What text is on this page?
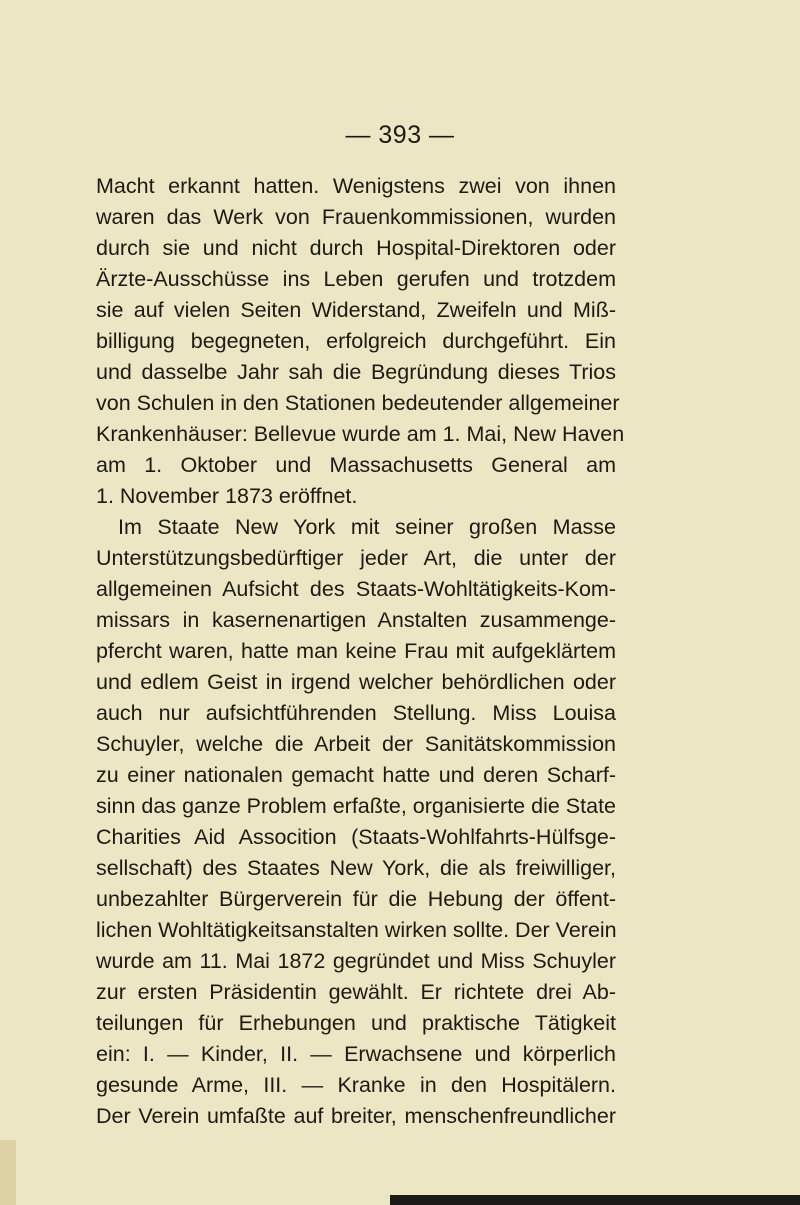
— 393 —
Macht erkannt hatten. Wenigstens zwei von ihnen
waren das Werk von Frauenkommissionen, wurden
durch sie und nicht durch Hospital-Direktoren oder
Ärzte-Ausschüsse ins Leben gerufen und trotzdem
sie auf vielen Seiten Widerstand, Zweifeln und Miß-
billigung begegneten, erfolgreich durchgeführt. Ein
und dasselbe Jahr sah die Begründung dieses Trios
von Schulen in den Stationen bedeutender allgemeiner
Krankenhäuser: Bellevue wurde am 1. Mai, New Haven
am 1. Oktober und Massachusetts General am
1. November 1873 eröffnet.
Im Staate New York mit seiner großen Masse
Unterstützungsbedürftiger jeder Art, die unter der
allgemeinen Aufsicht des Staats-Wohltätigkeits-Kom-
missars in kasernenartigen Anstalten zusammenge-
pfercht waren, hatte man keine Frau mit aufgeklärtem
und edlem Geist in irgend welcher behördlichen oder
auch nur aufsichtführenden Stellung. Miss Louisa
Schuyler, welche die Arbeit der Sanitätskommission
zu einer nationalen gemacht hatte und deren Scharf-
sinn das ganze Problem erfaßte, organisierte die State
Charities Aid Assocition (Staats-Wohlfahrts-Hülfsge-
sellschaft) des Staates New York, die als freiwilliger,
unbezahlter Bürgerverein für die Hebung der öffent-
lichen Wohltätigkeitsanstalten wirken sollte. Der Verein
wurde am 11. Mai 1872 gegründet und Miss Schuyler
zur ersten Präsidentin gewählt. Er richtete drei Ab-
teilungen für Erhebungen und praktische Tätigkeit
ein: I. — Kinder, II. — Erwachsene und körperlich
gesunde Arme, III. — Kranke in den Hospitälern.
Der Verein umfaßte auf breiter, menschenfreundlicher
